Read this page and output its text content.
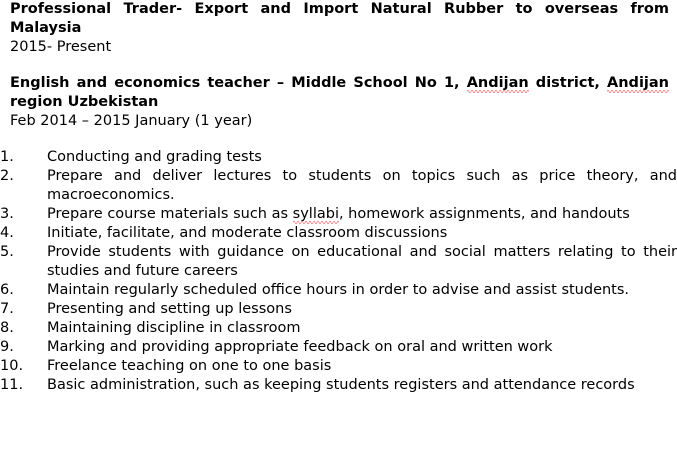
Professional Trader- Export and Import Natural Rubber to overseas from Malaysia

2015- Present

English and economics teacher – Middle School No 1, Andijan district, Andijan region Uzbekistan

Feb 2014 – 2015 January (1 year)

1.	Conducting and grading tests
2.	Prepare and deliver lectures to students on topics such as price theory, and macroeconomics.
3.	Prepare course materials such as syllabi, homework assignments, and handouts
4.	Initiate, facilitate, and moderate classroom discussions
5.	Provide students with guidance on educational and social matters relating to their studies and future careers
6.	Maintain regularly scheduled office hours in order to advise and assist students.
7.	Presenting and setting up lessons
8.	Maintaining discipline in classroom
9.	Marking and providing appropriate feedback on oral and written work
10.	Freelance teaching on one to one basis
11.	Basic administration, such as keeping students registers and attendance records
